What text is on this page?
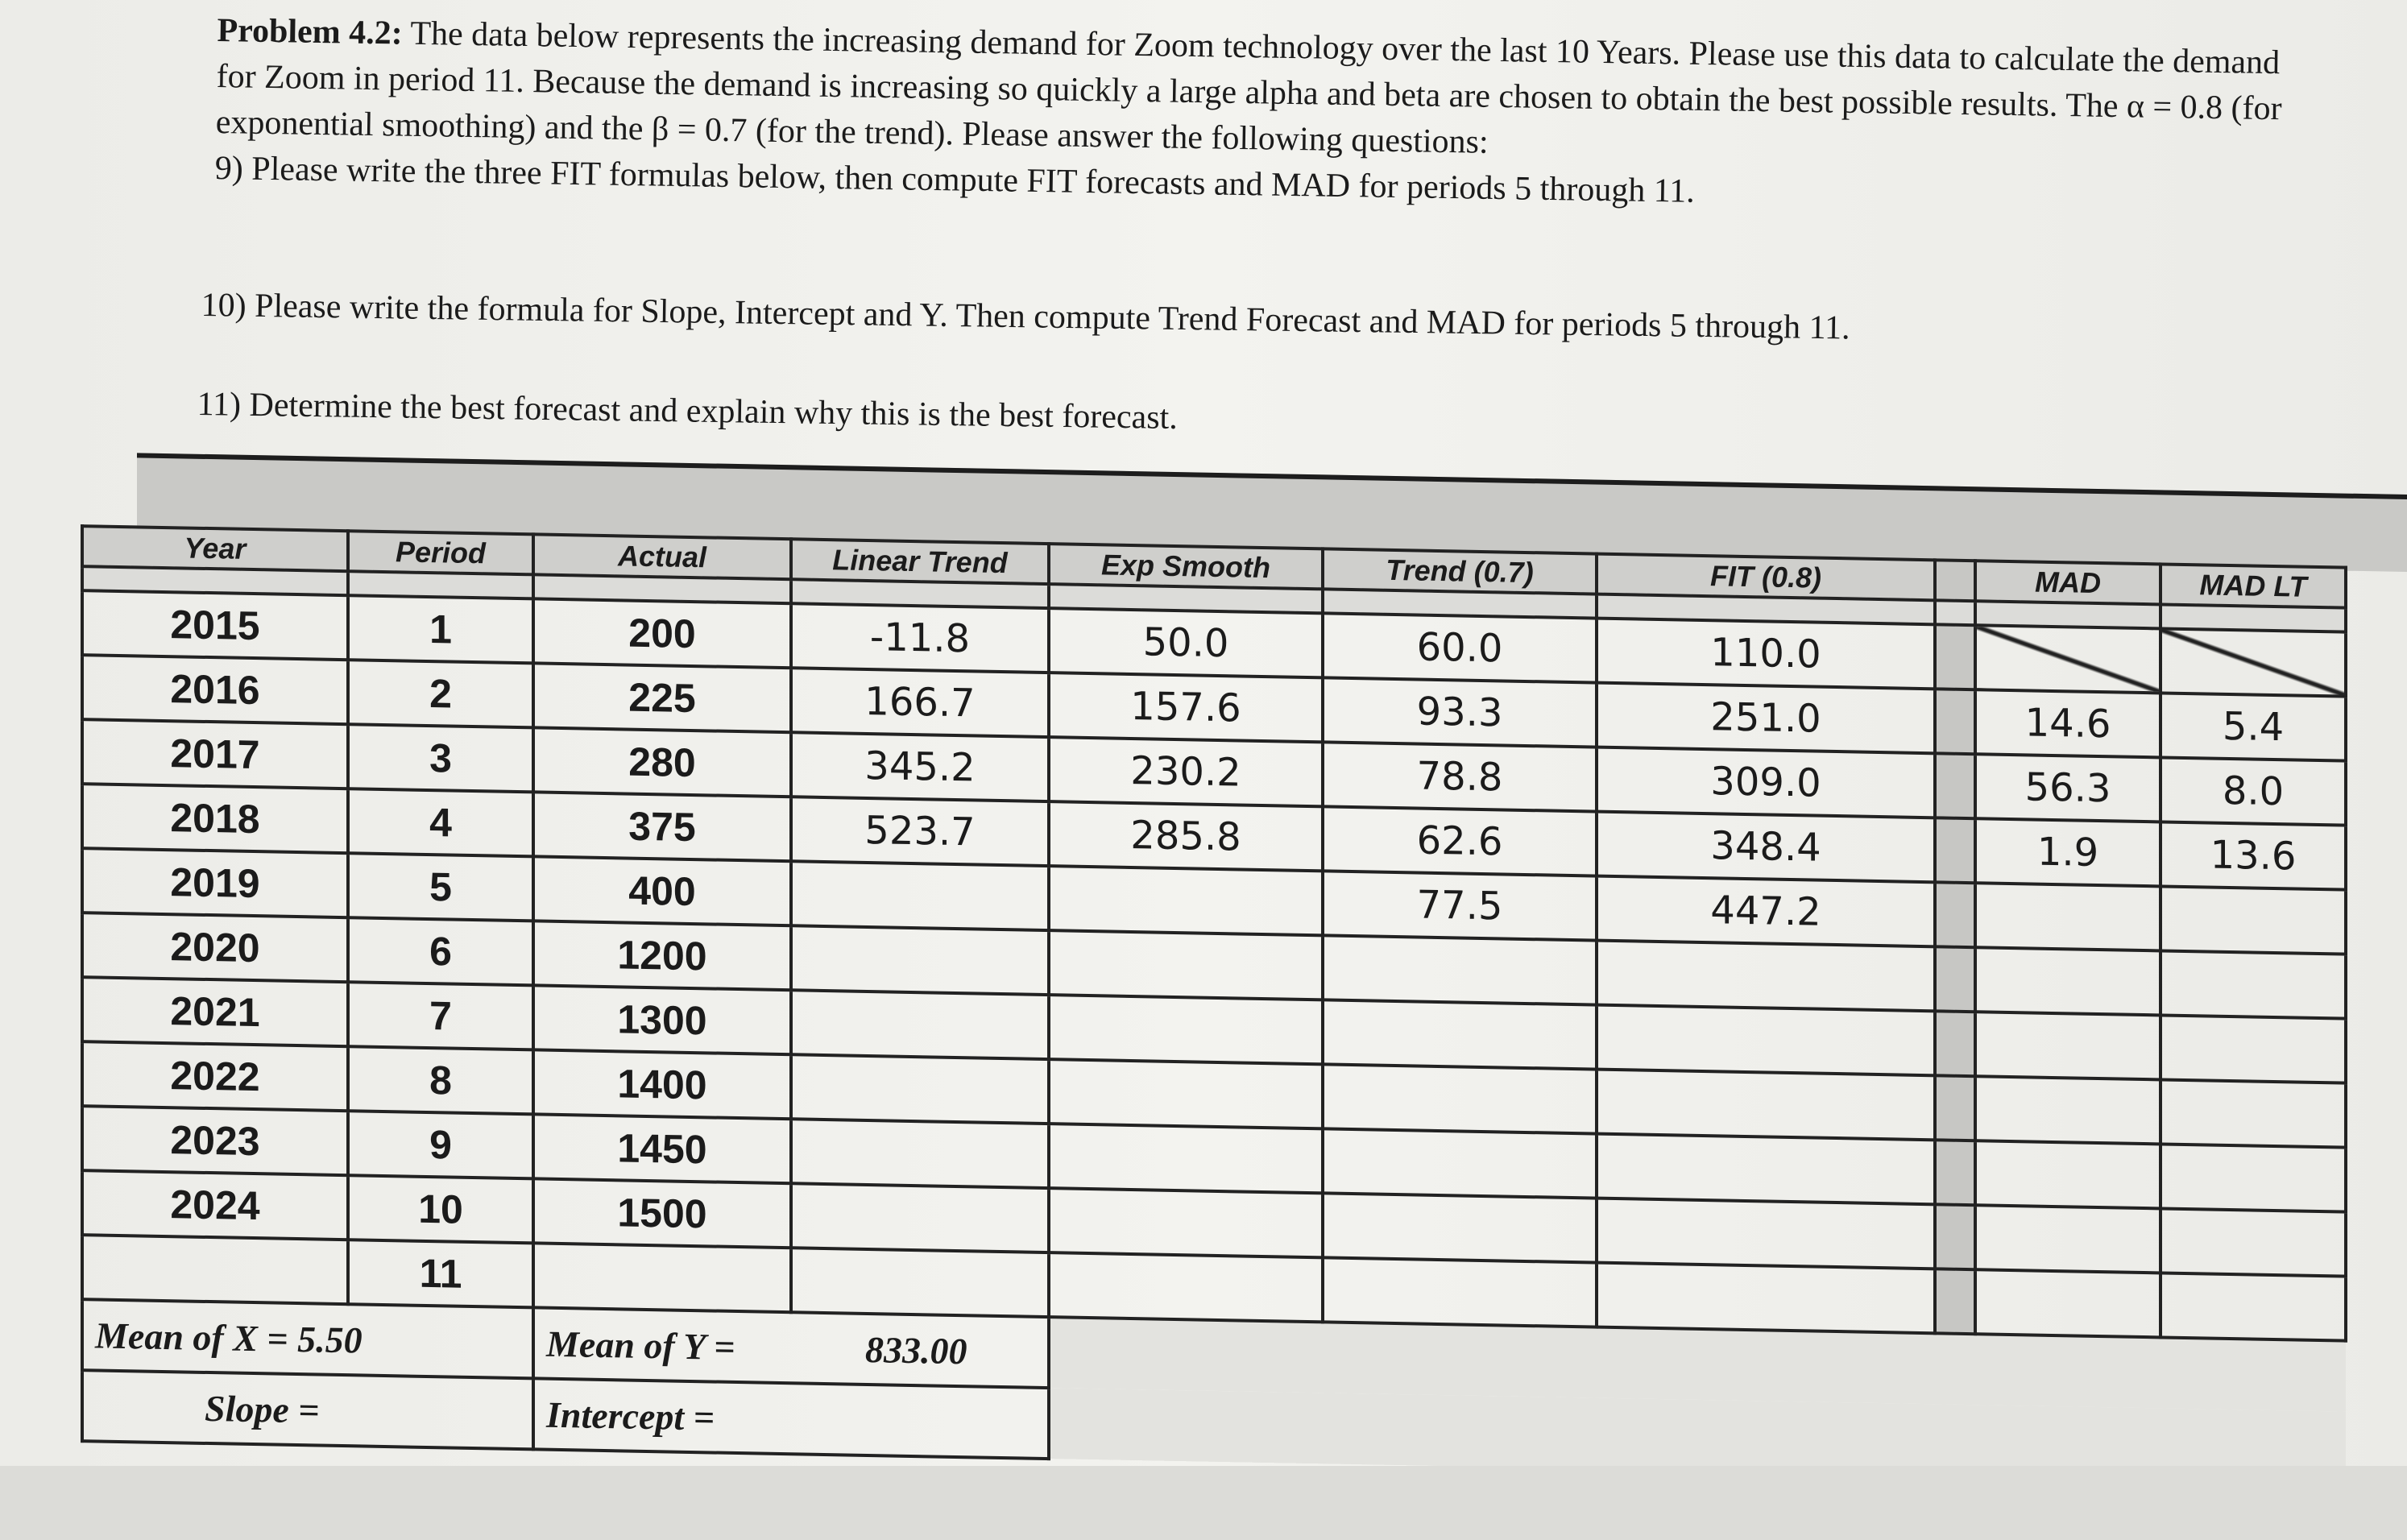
Problem 4.2: The data below represents the increasing demand for Zoom technology over the last 10 Years. Please use this data to calculate the demand for Zoom in period 11. Because the demand is increasing so quickly a large alpha and beta are chosen to obtain the best possible results. The α = 0.8 (for exponential smoothing) and the β = 0.7 (for the trend). Please answer the following questions:

9) Please write the three FIT formulas below, then compute FIT forecasts and MAD for periods 5 through 11.

10) Please write the formula for Slope, Intercept and Y. Then compute Trend Forecast and MAD for periods 5 through 11.
11) Determine the best forecast and explain why this is the best forecast.
Year	Period	Actual	Linear Trend	Exp Smooth	Trend (0.7)	FIT (0.8)		MAD	MAD LT

2015	1	200	-11.8	50.0	60.0	110.0			
2016	2	225	166.7	157.6	93.3	251.0		14.6	5.4
2017	3	280	345.2	230.2	78.8	309.0		56.3	8.0
2018	4	375	523.7	285.8	62.6	348.4		1.9	13.6
2019	5	400			77.5	447.2			
2020	6	1200							
2021	7	1300							
2022	8	1400							
2023	9	1450							
2024	10	1500							
	11								
Mean of X = 5.50		Mean of Y = 833.00							
Slope =		Intercept =							
